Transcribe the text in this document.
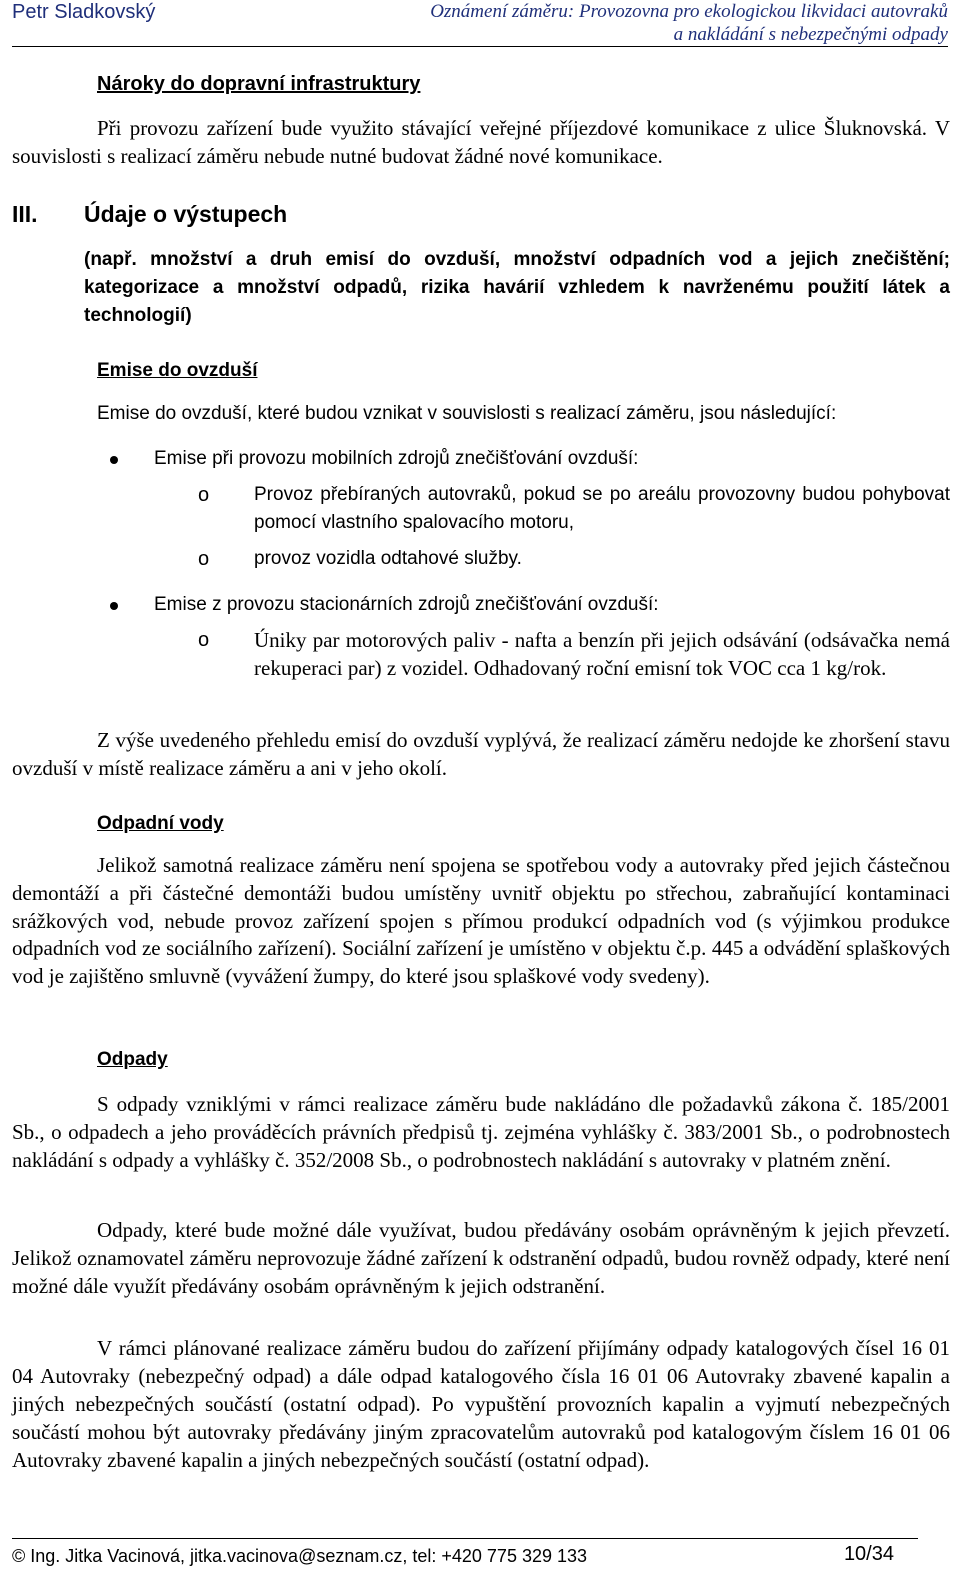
Petr Sladkovský	Oznámení záměru: Provozovna pro ekologickou likvidaci autovraků
a nakládání s nebezpečnými odpady
Nároky do dopravní infrastruktury
Při provozu zařízení bude využito stávající veřejné příjezdové komunikace z ulice Šluknovská. V souvislosti s realizací záměru nebude nutné budovat žádné nové komunikace.
III. Údaje o výstupech
(např. množství a druh emisí do ovzduší, množství odpadních vod a jejich znečištění; kategorizace a množství odpadů, rizika havárií vzhledem k navrženému použití látek a technologií)
Emise do ovzduší
Emise do ovzduší, které budou vznikat v souvislosti s realizací záměru, jsou následující:
Emise při provozu mobilních zdrojů znečišťování ovzduší:
o Provoz přebíraných autovraků, pokud se po areálu provozovny budou pohybovat pomocí vlastního spalovacího motoru,
o provoz vozidla odtahové služby.
Emise z provozu stacionárních zdrojů znečišťování ovzduší:
o Úniky par motorových paliv - nafta a benzín při jejich odsávání (odsávačka nemá rekuperaci par) z vozidel. Odhadovaný roční emisní tok VOC cca 1 kg/rok.
Z výše uvedeného přehledu emisí do ovzduší vyplývá, že realizací záměru nedojde ke zhoršení stavu ovzduší v místě realizace záměru a ani v jeho okolí.
Odpadní vody
Jelikož samotná realizace záměru není spojena se spotřebou vody a autovraky před jejich částečnou demontáží a při částečné demontáži budou umístěny uvnitř objektu po střechou, zabraňující kontaminaci srážkových vod, nebude provoz zařízení spojen s přímou produkcí odpadních vod (s výjimkou produkce odpadních vod ze sociálního zařízení). Sociální zařízení je umístěno v objektu č.p. 445 a odvádění splaškových vod je zajištěno smluvně (vyvážení žumpy, do které jsou splaškové vody svedeny).
Odpady
S odpady vzniklými v rámci realizace záměru bude nakládáno dle požadavků zákona č. 185/2001 Sb., o odpadech a jeho prováděcích právních předpisů tj. zejména vyhlášky č. 383/2001 Sb., o podrobnostech nakládání s odpady a vyhlášky č. 352/2008 Sb., o podrobnostech nakládání s autovraky v platném znění.
Odpady, které bude možné dále využívat, budou předávány osobám oprávněným k jejich převzetí. Jelikož oznamovatel záměru neprovozuje žádné zařízení k odstranění odpadů, budou rovněž odpady, které není možné dále využít předávány osobám oprávněným k jejich odstranění.
V rámci plánované realizace záměru budou do zařízení přijímány odpady katalogových čísel 16 01 04 Autovraky (nebezpečný odpad) a dále odpad katalogového čísla 16 01 06 Autovraky zbavené kapalin a jiných nebezpečných součástí (ostatní odpad). Po vypuštění provozních kapalin a vyjmutí nebezpečných součástí mohou být autovraky předávány jiným zpracovatelům autovraků pod katalogovým číslem 16 01 06 Autovraky zbavené kapalin a jiných nebezpečných součástí (ostatní odpad).
© Ing. Jitka Vacinová, jitka.vacinova@seznam.cz, tel: +420 775 329 133	10/34
